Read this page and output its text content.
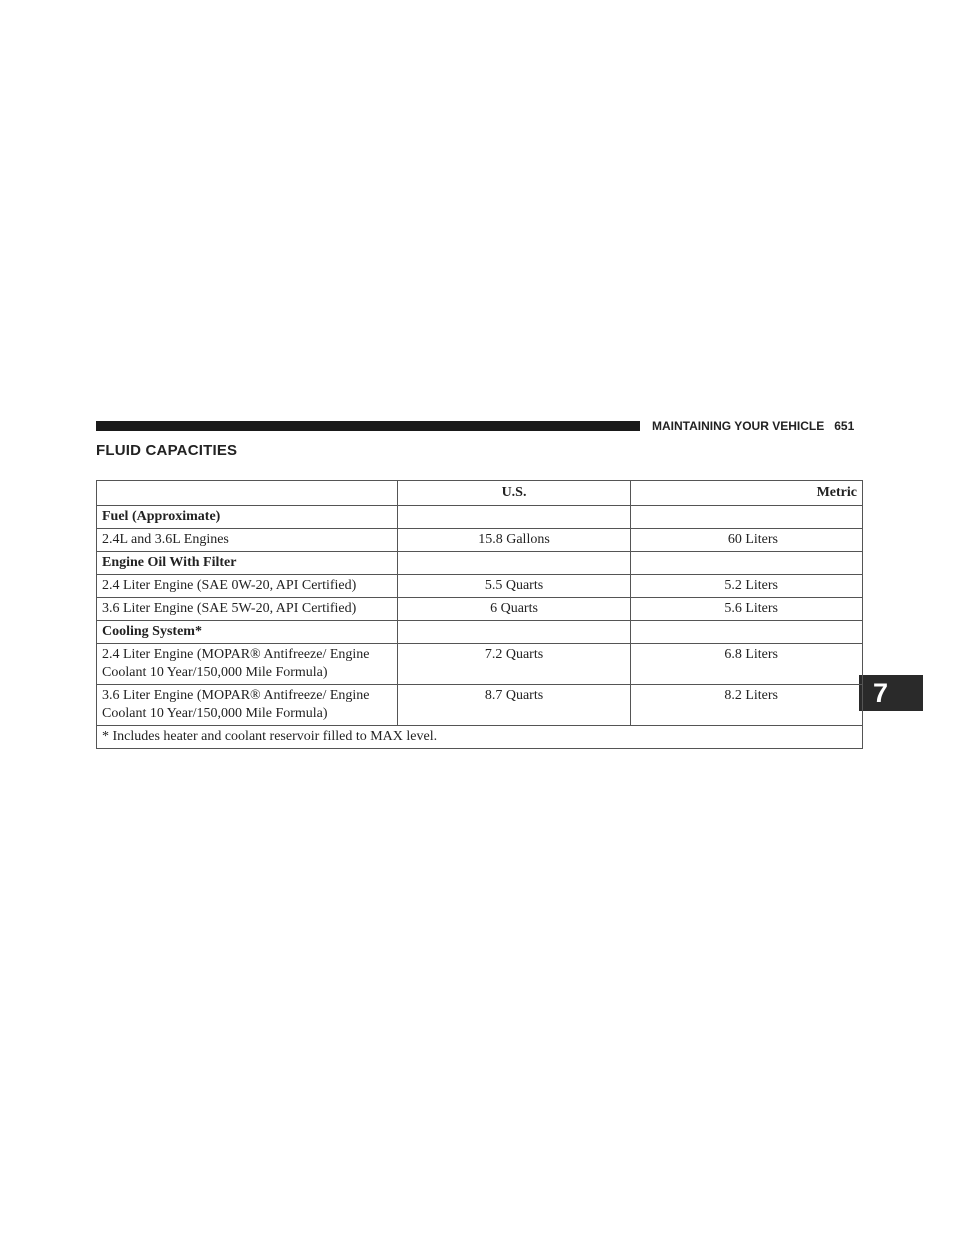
MAINTAINING YOUR VEHICLE 651
FLUID CAPACITIES
7
	U.S.	Metric
Fuel (Approximate)		
2.4L and 3.6L Engines	15.8 Gallons	60 Liters
Engine Oil With Filter		
2.4 Liter Engine (SAE 0W-20, API Certified)	5.5 Quarts	5.2 Liters
3.6 Liter Engine (SAE 5W-20, API Certified)	6 Quarts	5.6 Liters
Cooling System*		
2.4 Liter Engine (MOPAR® Antifreeze/ Engine Coolant 10 Year/150,000 Mile Formula)	7.2 Quarts	6.8 Liters
3.6 Liter Engine (MOPAR® Antifreeze/ Engine Coolant 10 Year/150,000 Mile Formula)	8.7 Quarts	8.2 Liters
* Includes heater and coolant reservoir filled to MAX level.		
